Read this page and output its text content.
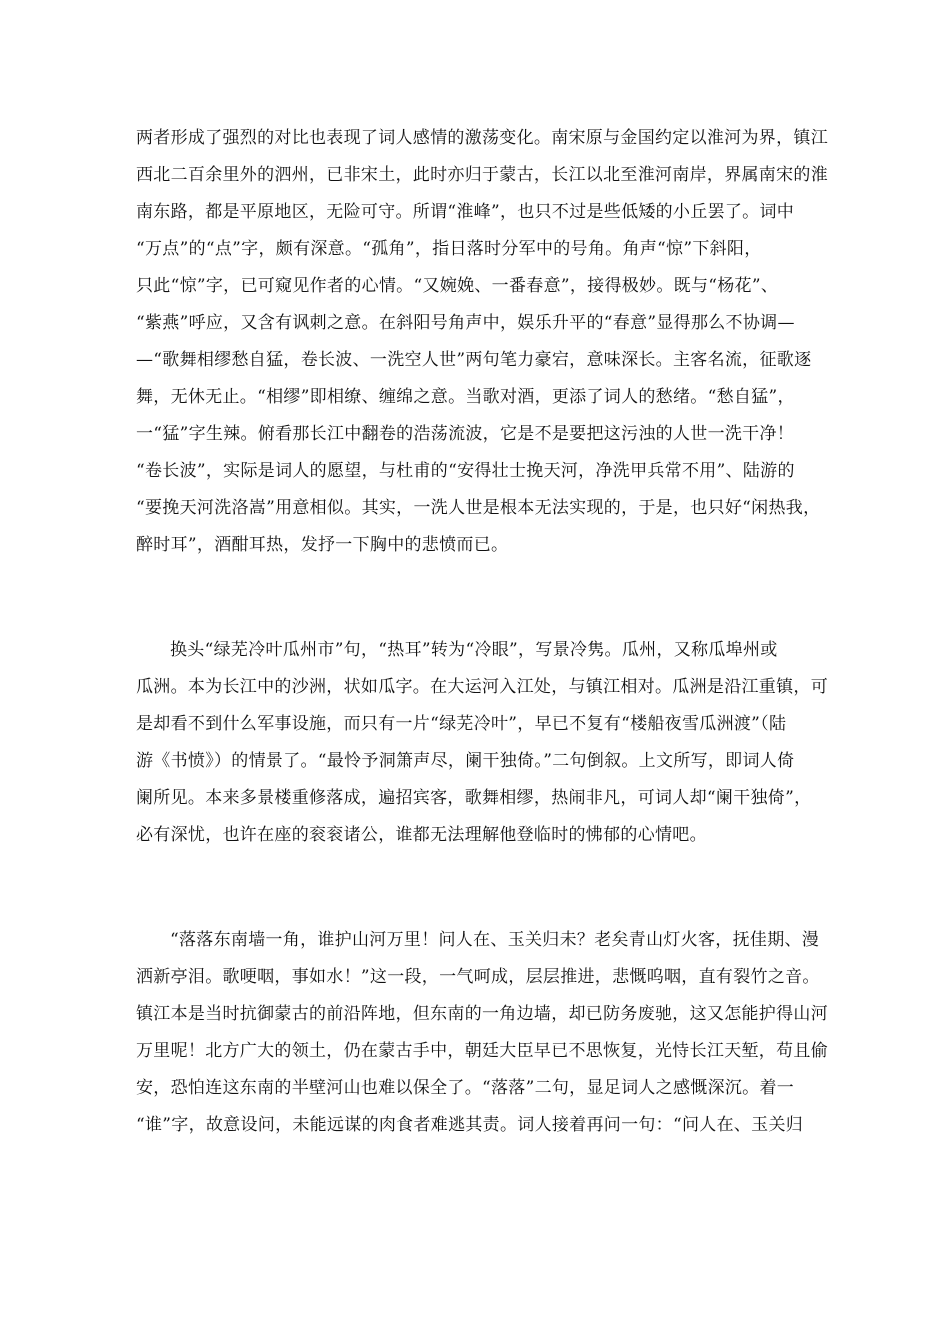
两者形成了强烈的对比也表现了词人感情的激荡变化。南宋原与金国约定以淮河为界，镇江
西北二百余里外的泗州，已非宋土，此时亦归于蒙古，长江以北至淮河南岸，界属南宋的淮
南东路，都是平原地区，无险可守。所谓“淮峰”，也只不过是些低矮的小丘罢了。词中
“万点”的“点”字，颇有深意。“孤角”，指日落时分军中的号角。角声“惊”下斜阳，
只此“惊”字，已可窥见作者的心情。“又婉娩、一番春意”，接得极妙。既与“杨花”、
“紫燕”呼应，又含有讽刺之意。在斜阳号角声中，娱乐升平的“春意”显得那么不协调—
—“歌舞相缪愁自猛，卷长波、一洗空人世”两句笔力豪宕，意味深长。主客名流，征歌逐
舞，无休无止。“相缪”即相缭、缠绵之意。当歌对酒，更添了词人的愁绪。“愁自猛”，
一“猛”字生辣。俯看那长江中翻卷的浩荡流波，它是不是要把这污浊的人世一洗干净！
“卷长波”，实际是词人的愿望，与杜甫的“安得壮士挽天河，净洗甲兵常不用”、陆游的
“要挽天河洗洛嵩”用意相似。其实，一洗人世是根本无法实现的，于是，也只好“闲热我，
醉时耳”，酒酣耳热，发抒一下胸中的悲愤而已。
换头“绿芜冷叶瓜州市”句，“热耳”转为“冷眼”，写景冷隽。瓜州，又称瓜埠州或
瓜洲。本为长江中的沙洲，状如瓜字。在大运河入江处，与镇江相对。瓜洲是沿江重镇，可
是却看不到什么军事设施，而只有一片“绿芜冷叶”，早已不复有“楼船夜雪瓜洲渡”（陆
游《书愤》）的情景了。“最怜予洞箫声尽，阑干独倚。”二句倒叙。上文所写，即词人倚
阑所见。本来多景楼重修落成，遍招宾客，歌舞相缪，热闹非凡，可词人却“阑干独倚”，
必有深忧，也许在座的衮衮诸公，谁都无法理解他登临时的怫郁的心情吧。
“落落东南墙一角，谁护山河万里！问人在、玉关归未？老矣青山灯火客，抚佳期、漫
洒新亭泪。歌哽咽，事如水！”这一段，一气呵成，层层推进，悲慨呜咽，直有裂竹之音。
镇江本是当时抗御蒙古的前沿阵地，但东南的一角边墙，却已防务废驰，这又怎能护得山河
万里呢！北方广大的领土，仍在蒙古手中，朝廷大臣早已不思恢复，光恃长江天堑，苟且偷
安，恐怕连这东南的半壁河山也难以保全了。“落落”二句，显足词人之感慨深沉。着一
“谁”字，故意设问，未能远谋的肉食者难逃其责。词人接着再问一句：“问人在、玉关归
